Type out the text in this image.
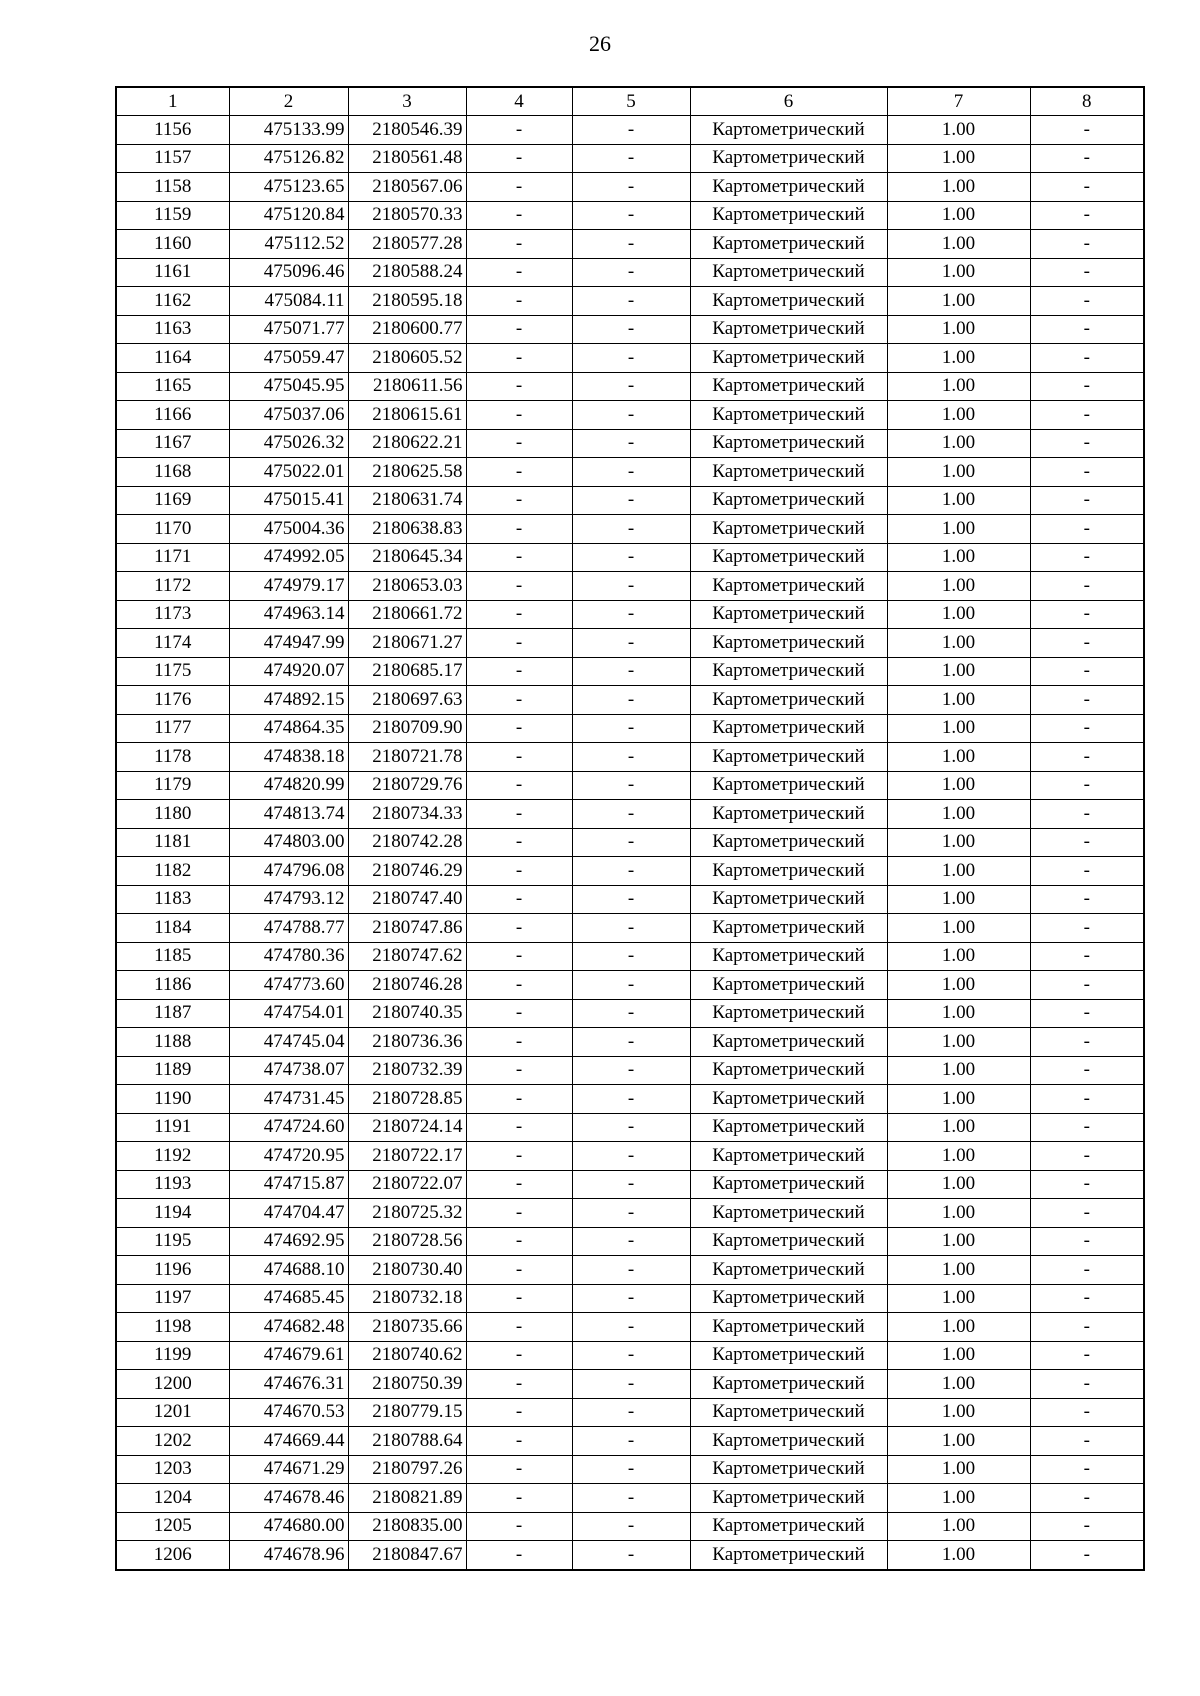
26
1	2	3	4	5	6	7	8
1156	475133.99	2180546.39	-	-	Картометрический	1.00	-
1157	475126.82	2180561.48	-	-	Картометрический	1.00	-
1158	475123.65	2180567.06	-	-	Картометрический	1.00	-
1159	475120.84	2180570.33	-	-	Картометрический	1.00	-
1160	475112.52	2180577.28	-	-	Картометрический	1.00	-
1161	475096.46	2180588.24	-	-	Картометрический	1.00	-
1162	475084.11	2180595.18	-	-	Картометрический	1.00	-
1163	475071.77	2180600.77	-	-	Картометрический	1.00	-
1164	475059.47	2180605.52	-	-	Картометрический	1.00	-
1165	475045.95	2180611.56	-	-	Картометрический	1.00	-
1166	475037.06	2180615.61	-	-	Картометрический	1.00	-
1167	475026.32	2180622.21	-	-	Картометрический	1.00	-
1168	475022.01	2180625.58	-	-	Картометрический	1.00	-
1169	475015.41	2180631.74	-	-	Картометрический	1.00	-
1170	475004.36	2180638.83	-	-	Картометрический	1.00	-
1171	474992.05	2180645.34	-	-	Картометрический	1.00	-
1172	474979.17	2180653.03	-	-	Картометрический	1.00	-
1173	474963.14	2180661.72	-	-	Картометрический	1.00	-
1174	474947.99	2180671.27	-	-	Картометрический	1.00	-
1175	474920.07	2180685.17	-	-	Картометрический	1.00	-
1176	474892.15	2180697.63	-	-	Картометрический	1.00	-
1177	474864.35	2180709.90	-	-	Картометрический	1.00	-
1178	474838.18	2180721.78	-	-	Картометрический	1.00	-
1179	474820.99	2180729.76	-	-	Картометрический	1.00	-
1180	474813.74	2180734.33	-	-	Картометрический	1.00	-
1181	474803.00	2180742.28	-	-	Картометрический	1.00	-
1182	474796.08	2180746.29	-	-	Картометрический	1.00	-
1183	474793.12	2180747.40	-	-	Картометрический	1.00	-
1184	474788.77	2180747.86	-	-	Картометрический	1.00	-
1185	474780.36	2180747.62	-	-	Картометрический	1.00	-
1186	474773.60	2180746.28	-	-	Картометрический	1.00	-
1187	474754.01	2180740.35	-	-	Картометрический	1.00	-
1188	474745.04	2180736.36	-	-	Картометрический	1.00	-
1189	474738.07	2180732.39	-	-	Картометрический	1.00	-
1190	474731.45	2180728.85	-	-	Картометрический	1.00	-
1191	474724.60	2180724.14	-	-	Картометрический	1.00	-
1192	474720.95	2180722.17	-	-	Картометрический	1.00	-
1193	474715.87	2180722.07	-	-	Картометрический	1.00	-
1194	474704.47	2180725.32	-	-	Картометрический	1.00	-
1195	474692.95	2180728.56	-	-	Картометрический	1.00	-
1196	474688.10	2180730.40	-	-	Картометрический	1.00	-
1197	474685.45	2180732.18	-	-	Картометрический	1.00	-
1198	474682.48	2180735.66	-	-	Картометрический	1.00	-
1199	474679.61	2180740.62	-	-	Картометрический	1.00	-
1200	474676.31	2180750.39	-	-	Картометрический	1.00	-
1201	474670.53	2180779.15	-	-	Картометрический	1.00	-
1202	474669.44	2180788.64	-	-	Картометрический	1.00	-
1203	474671.29	2180797.26	-	-	Картометрический	1.00	-
1204	474678.46	2180821.89	-	-	Картометрический	1.00	-
1205	474680.00	2180835.00	-	-	Картометрический	1.00	-
1206	474678.96	2180847.67	-	-	Картометрический	1.00	-
